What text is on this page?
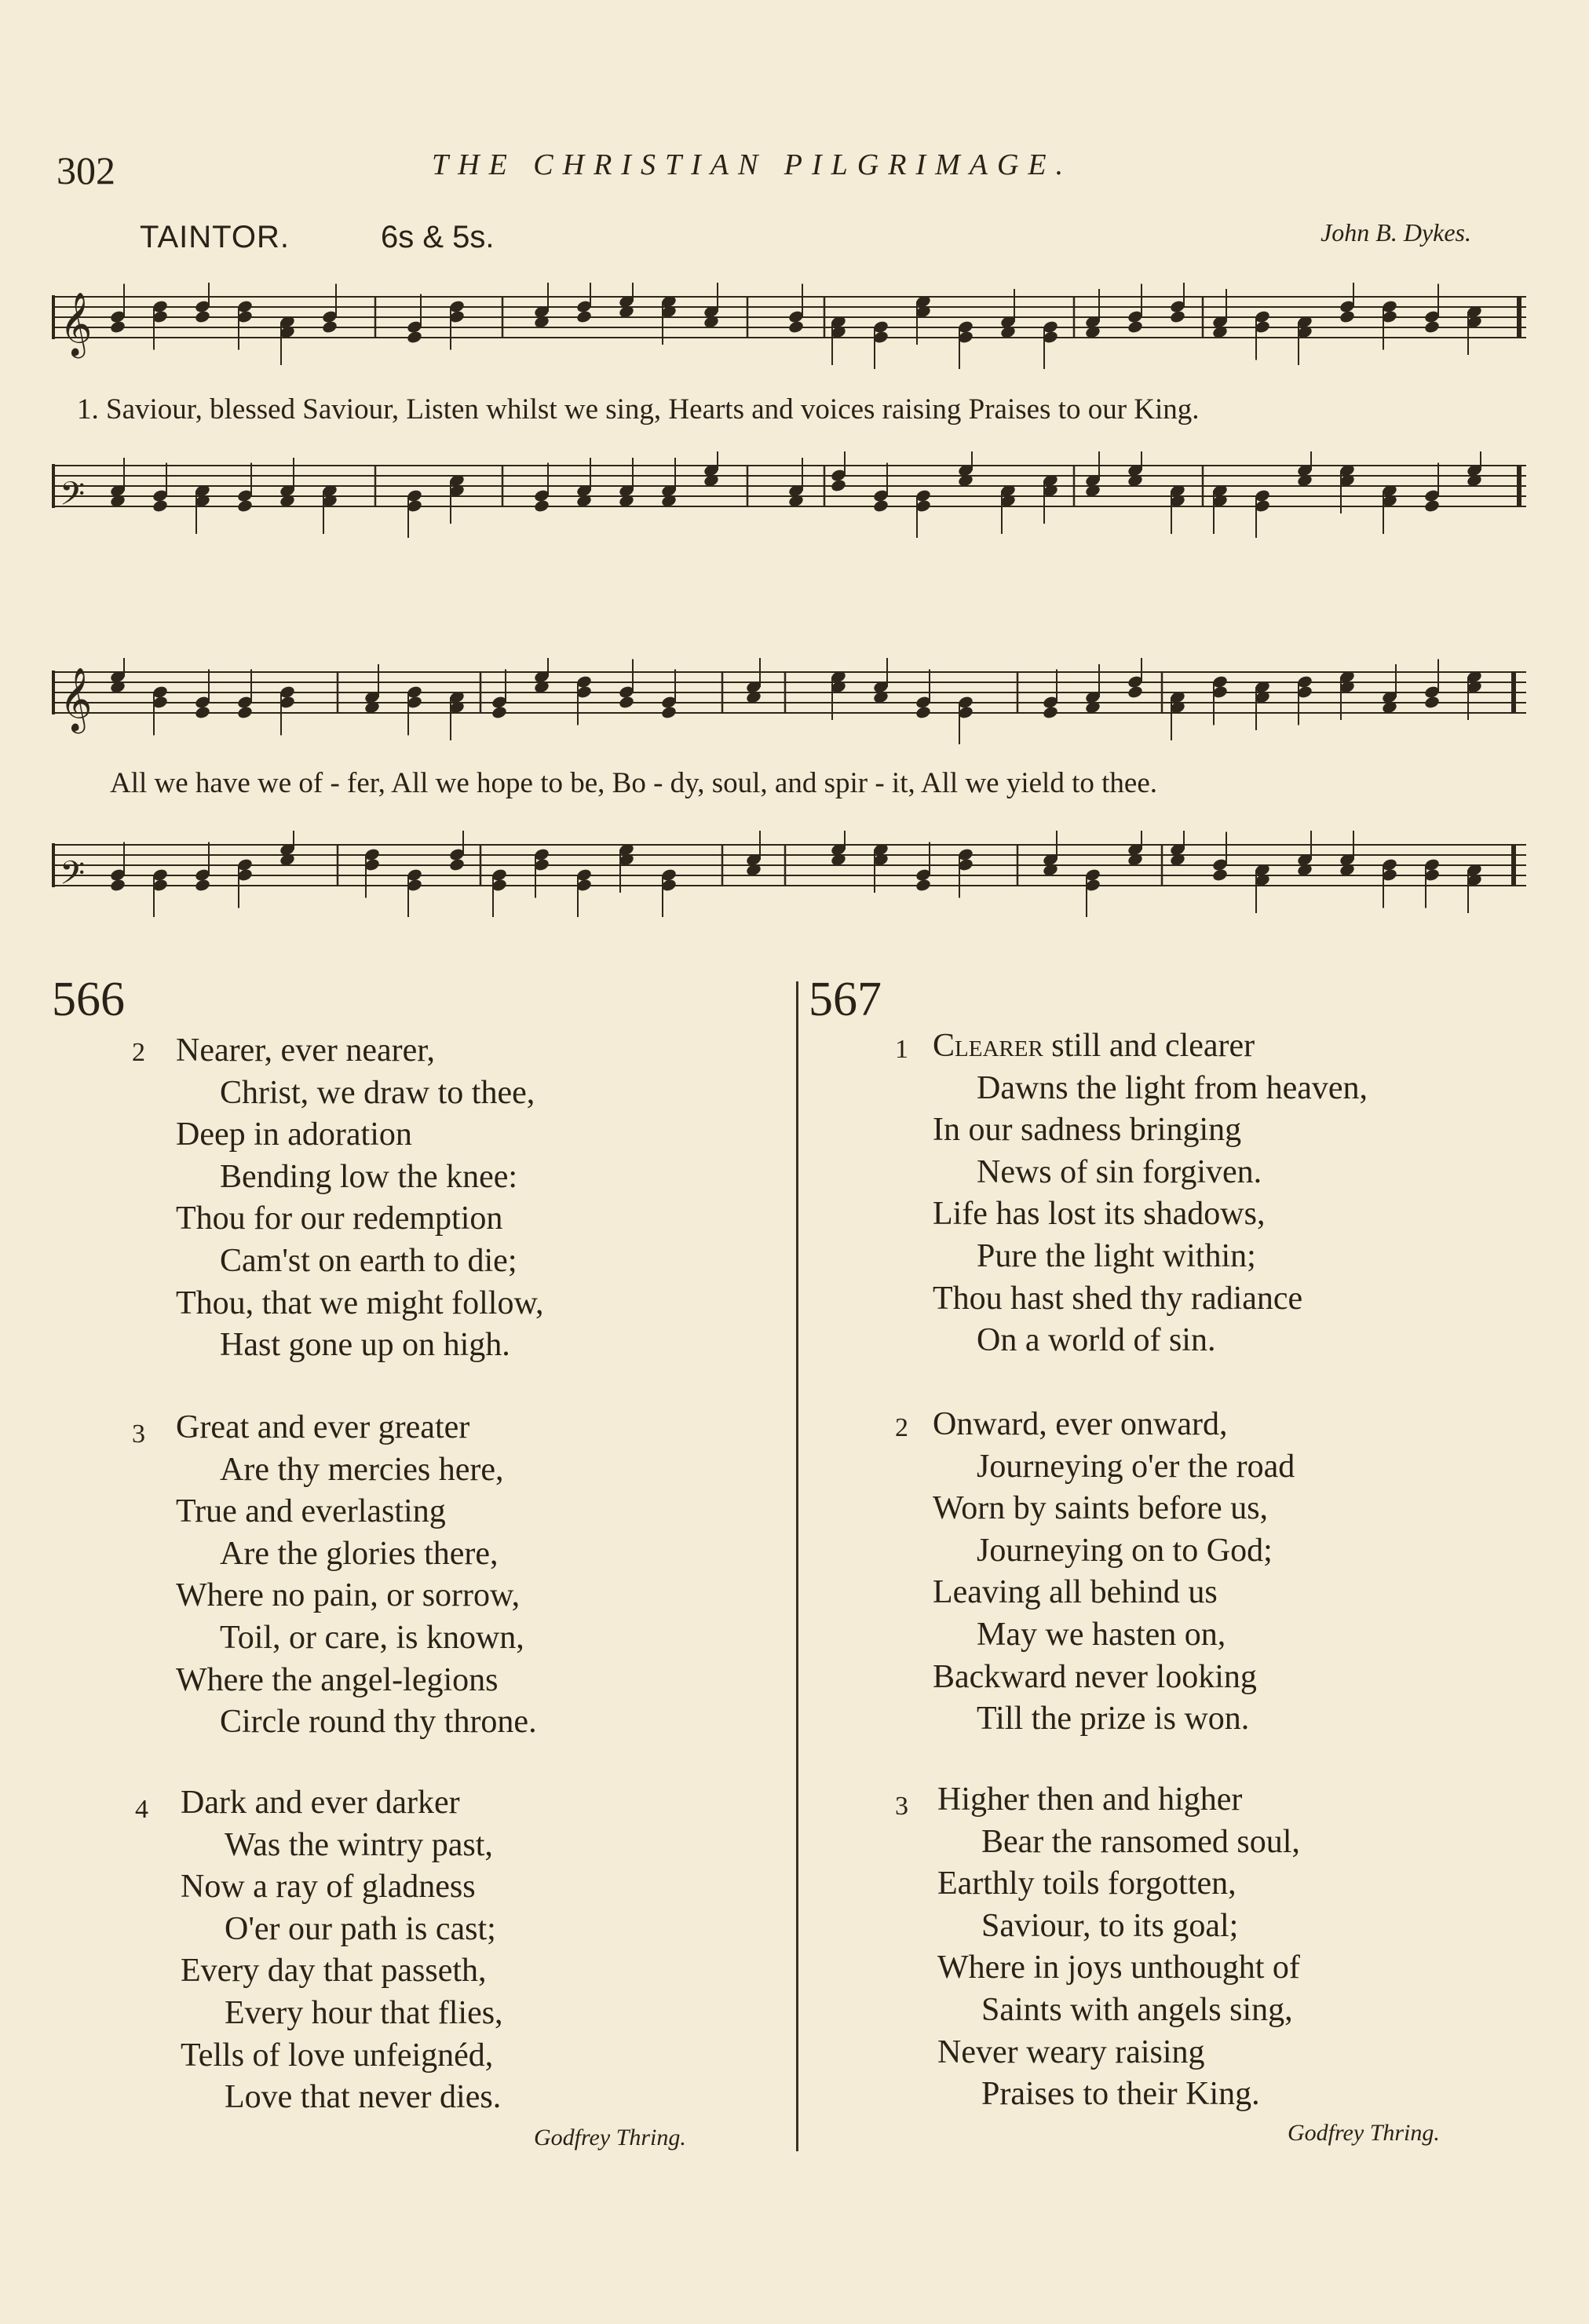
302	THE CHRISTIAN PILGRIMAGE.
TAINTOR.	6s & 5s.	John B. Dykes.
𝄞
1. Saviour, blessed Saviour, Listen whilst we sing, Hearts and voices raising Praises to our King.
𝄢
𝄞
All we have we of - fer, All we hope to be, Bo - dy, soul, and spir - it, All we yield to thee.
𝄢
566
2 Nearer, ever nearer,
Christ, we draw to thee,
Deep in adoration
Bending low the knee:
Thou for our redemption
Cam'st on earth to die;
Thou, that we might follow,
Hast gone up on high.
3 Great and ever greater
Are thy mercies here,
True and everlasting
Are the glories there,
Where no pain, or sorrow,
Toil, or care, is known,
Where the angel-legions
Circle round thy throne.
4 Dark and ever darker
Was the wintry past,
Now a ray of gladness
O'er our path is cast;
Every day that passeth,
Every hour that flies,
Tells of love unfeignéd,
Love that never dies.
Godfrey Thring.
567
1 Clearer still and clearer
Dawns the light from heaven,
In our sadness bringing
News of sin forgiven.
Life has lost its shadows,
Pure the light within;
Thou hast shed thy radiance
On a world of sin.
2 Onward, ever onward,
Journeying o'er the road
Worn by saints before us,
Journeying on to God;
Leaving all behind us
May we hasten on,
Backward never looking
Till the prize is won.
3 Higher then and higher
Bear the ransomed soul,
Earthly toils forgotten,
Saviour, to its goal;
Where in joys unthought of
Saints with angels sing,
Never weary raising
Praises to their King.
Godfrey Thring.
